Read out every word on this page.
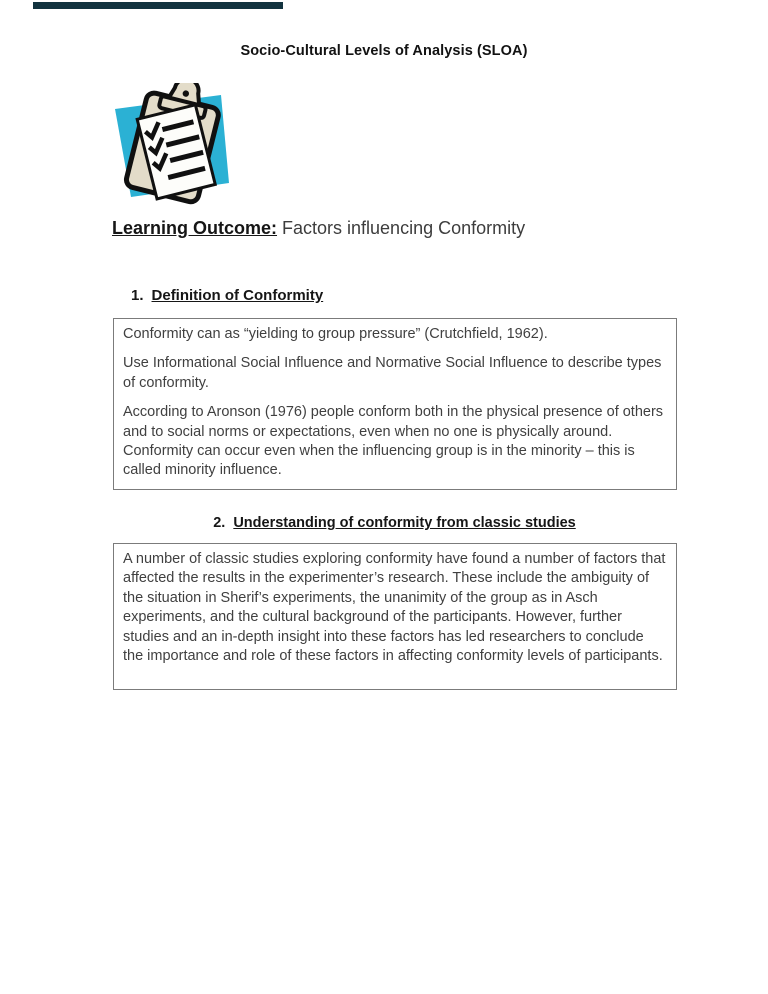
Socio-Cultural Levels of Analysis (SLOA)
Learning Outcome: Factors influencing Conformity
1. Definition of Conformity

Conformity can as “yielding to group pressure” (Crutchfield, 1962).

Use Informational Social Influence and Normative Social Influence to describe types of conformity.

According to Aronson (1976) people conform both in the physical presence of others and to social norms or expectations, even when no one is physically around. Conformity can occur even when the influencing group is in the minority – this is called minority influence.

2. Understanding of conformity from classic studies

A number of classic studies exploring conformity have found a number of factors that affected the results in the experimenter’s research. These include the ambiguity of the situation in Sherif’s experiments, the unanimity of the group as in Asch experiments, and the cultural background of the participants. However, further studies and an in-depth insight into these factors has led researchers to conclude the importance and role of these factors in affecting conformity levels of participants.
